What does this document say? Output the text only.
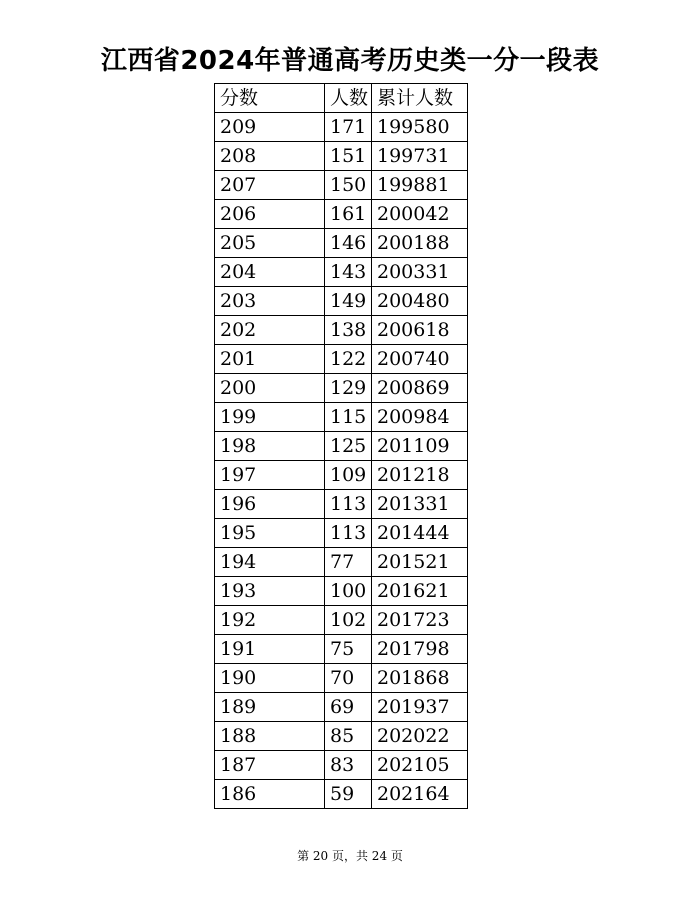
江西省2024年普通高考历史类一分一段表
分数	人数	累计人数
209	171	199580
208	151	199731
207	150	199881
206	161	200042
205	146	200188
204	143	200331
203	149	200480
202	138	200618
201	122	200740
200	129	200869
199	115	200984
198	125	201109
197	109	201218
196	113	201331
195	113	201444
194	77	201521
193	100	201621
192	102	201723
191	75	201798
190	70	201868
189	69	201937
188	85	202022
187	83	202105
186	59	202164
第 20 页，共 24 页
